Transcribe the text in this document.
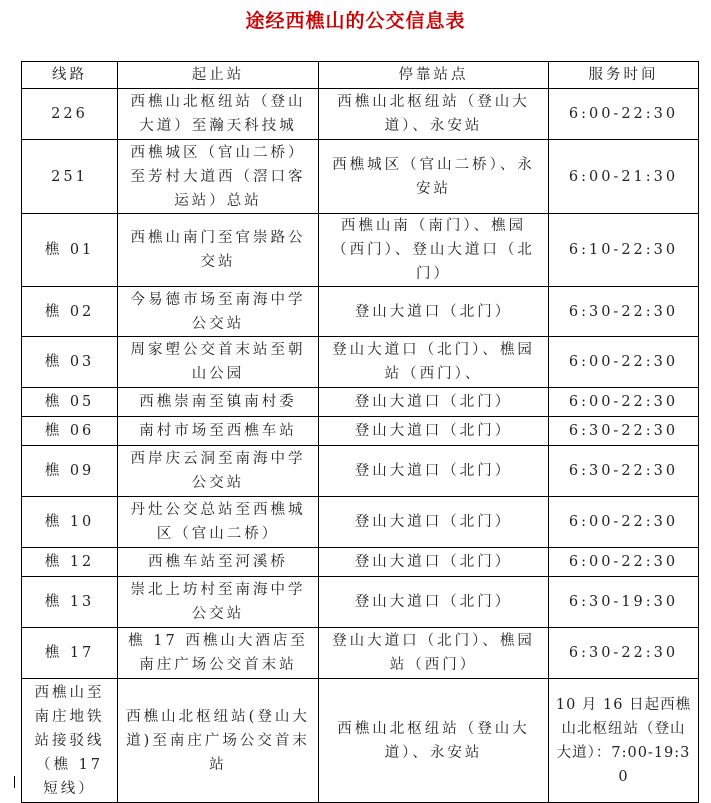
途经西樵山的公交信息表
线路	起止站	停靠站点	服务时间
226	西樵山北枢纽站（登山大道）至瀚天科技城	西樵山北枢纽站（登山大道）、永安站	6:00-22:30
251	西樵城区（官山二桥）至芳村大道西（滘口客运站）总站	西樵城区（官山二桥）、永安站	6:00-21:30
樵 01	西樵山南门至官崇路公交站	西樵山南（南门）、樵园（西门）、登山大道口（北门）	6:10-22:30
樵 02	今易德市场至南海中学公交站	登山大道口（北门）	6:30-22:30
樵 03	周家塱公交首末站至朝山公园	登山大道口（北门）、樵园站（西门）、	6:00-22:30
樵 05	西樵崇南至镇南村委	登山大道口（北门）	6:00-22:30
樵 06	南村市场至西樵车站	登山大道口（北门）	6:30-22:30
樵 09	西岸庆云洞至南海中学公交站	登山大道口（北门）	6:30-22:30
樵 10	丹灶公交总站至西樵城区（官山二桥）	登山大道口（北门）	6:00-22:30
樵 12	西樵车站至河溪桥	登山大道口（北门）	6:00-22:30
樵 13	崇北上坊村至南海中学公交站	登山大道口（北门）	6:30-19:30
樵 17	樵 17 西樵山大酒店至南庄广场公交首末站	登山大道口（北门）、樵园站（西门）	6:30-22:30
西樵山至南庄地铁站接驳线（樵 17 短线）	西樵山北枢纽站(登山大道)至南庄广场公交首末站	西樵山北枢纽站（登山大道）、永安站	10 月 16 日起西樵山北枢纽站（登山大道）：7:00-19:30
